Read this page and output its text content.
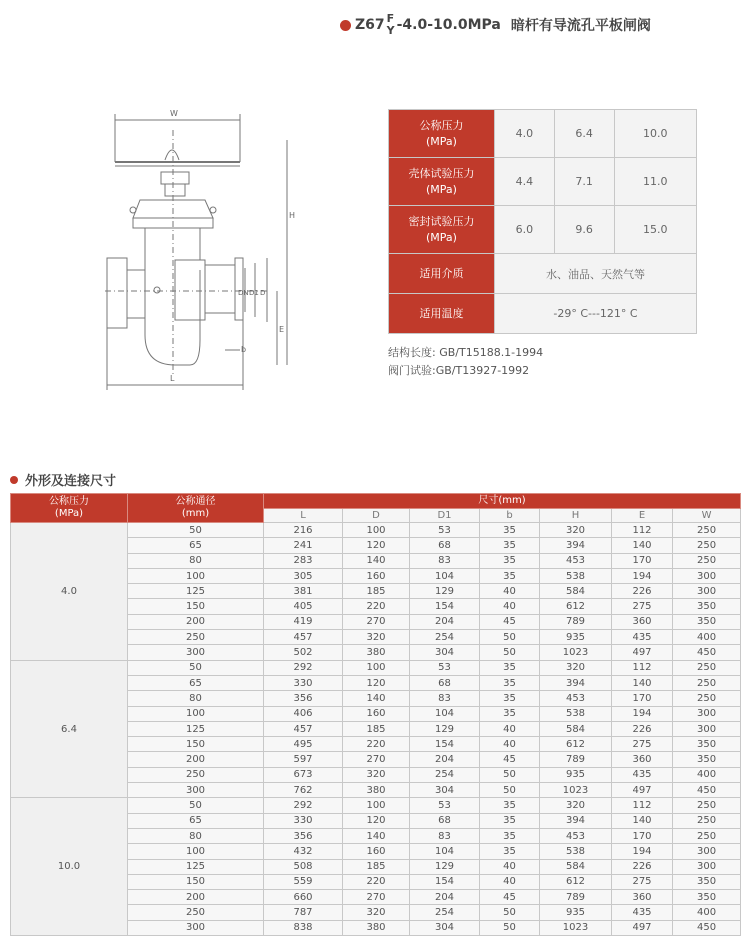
Z67 F
Y -4.0-10.0MPa 暗杆有导流孔平板闸阀
W
H
E
DN D1 D
b
L
公称压力
(MPa)	4.0	6.4	10.0
壳体试验压力
(MPa)	4.4	7.1	11.0
密封试验压力
(MPa)	6.0	9.6	15.0
适用介质	水、油品、天然气等		
适用温度	-29° C---121° C		
结构长度: GB/T15188.1-1994
阀门试验:GB/T13927-1992
外形及连接尺寸
公称压力
(MPa)	公称通径
(mm)	尺寸(mm)						
		L	D	D1	b	H	E	W
4.0	50	216	100	53	35	320	112	250
	65	241	120	68	35	394	140	250
	80	283	140	83	35	453	170	250
	100	305	160	104	35	538	194	300
	125	381	185	129	40	584	226	300
	150	405	220	154	40	612	275	350
	200	419	270	204	45	789	360	350
	250	457	320	254	50	935	435	400
	300	502	380	304	50	1023	497	450
6.4	50	292	100	53	35	320	112	250
	65	330	120	68	35	394	140	250
	80	356	140	83	35	453	170	250
	100	406	160	104	35	538	194	300
	125	457	185	129	40	584	226	300
	150	495	220	154	40	612	275	350
	200	597	270	204	45	789	360	350
	250	673	320	254	50	935	435	400
	300	762	380	304	50	1023	497	450
10.0	50	292	100	53	35	320	112	250
	65	330	120	68	35	394	140	250
	80	356	140	83	35	453	170	250
	100	432	160	104	35	538	194	300
	125	508	185	129	40	584	226	300
	150	559	220	154	40	612	275	350
	200	660	270	204	45	789	360	350
	250	787	320	254	50	935	435	400
	300	838	380	304	50	1023	497	450
